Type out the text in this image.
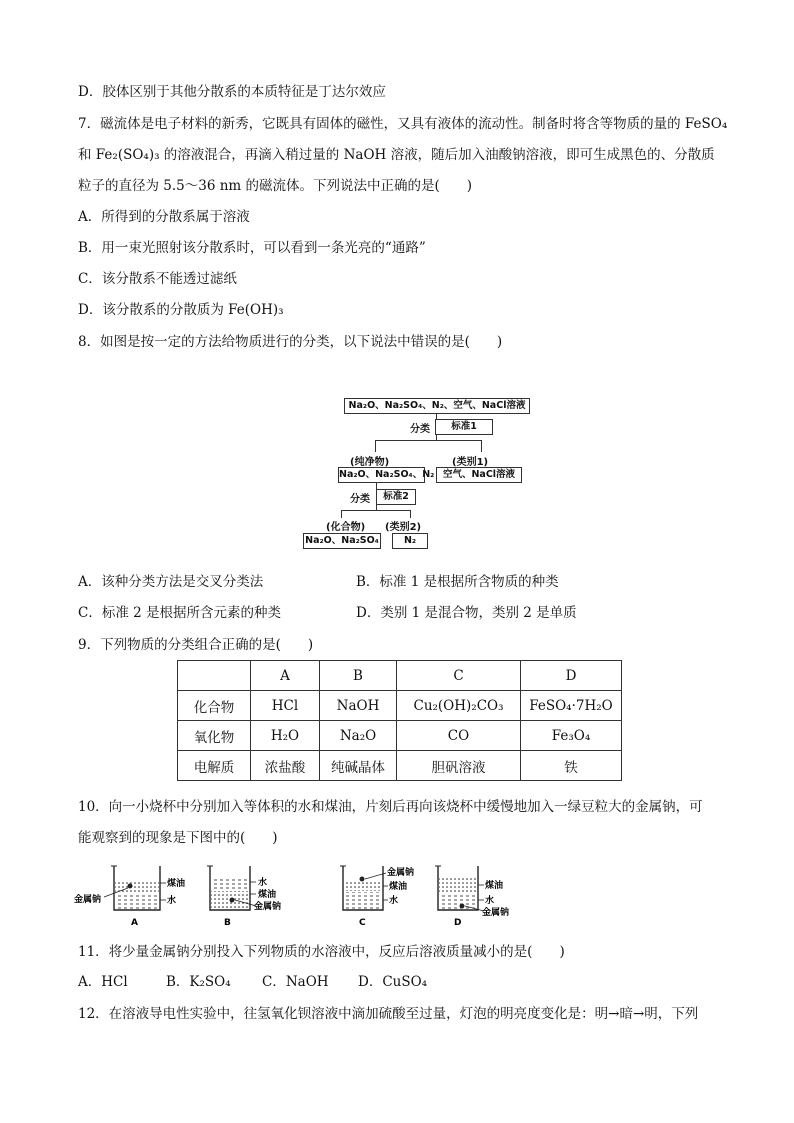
D．胶体区别于其他分散系的本质特征是丁达尔效应
7．磁流体是电子材料的新秀，它既具有固体的磁性，又具有液体的流动性。制备时将含等物质的量的 FeSO₄
和 Fe₂(SO₄)₃ 的溶液混合，再滴入稍过量的 NaOH 溶液，随后加入油酸钠溶液，即可生成黑色的、分散质
粒子的直径为 5.5～36 nm 的磁流体。下列说法中正确的是(　　)
A．所得到的分散系属于溶液
B．用一束光照射该分散系时，可以看到一条光亮的“通路”
C．该分散系不能透过滤纸
D．该分散系的分散质为 Fe(OH)₃
8．如图是按一定的方法给物质进行的分类，以下说法中错误的是(　　)
Na₂O、Na₂SO₄、N₂、空气、NaCl溶液
分类	标准1
(纯净物)	(类别1)
Na₂O、Na₂SO₄、N₂ 空气、NaCl溶液
分类	标准2
(化合物) (类别2)
Na₂O、Na₂SO₄	N₂
A．该种分类方法是交叉分类法	B．标准 1 是根据所含物质的种类
C．标准 2 是根据所含元素的种类	D．类别 1 是混合物，类别 2 是单质
9．下列物质的分类组合正确的是(　　)
	A	B	C	D
化合物	HCl	NaOH	Cu₂(OH)₂CO₃	FeSO₄·7H₂O
氧化物	H₂O	Na₂O	CO	Fe₃O₄
电解质	浓盐酸	纯碱晶体	胆矾溶液	铁
10．向一小烧杯中分别加入等体积的水和煤油，片刻后再向该烧杯中缓慢地加入一绿豆粒大的金属钠，可
能观察到的现象是下图中的(　　)
煤油
水
金属钠
A
水
煤油
金属钠
B
金属钠
煤油
水
C
煤油
水
金属钠
D
11．将少量金属钠分别投入下列物质的水溶液中，反应后溶液质量减小的是(　　)
A．HCl	B．K₂SO₄ C．NaOH D．CuSO₄
12．在溶液导电性实验中，往氢氧化钡溶液中滴加硫酸至过量，灯泡的明亮度变化是：明→暗→明，下列
